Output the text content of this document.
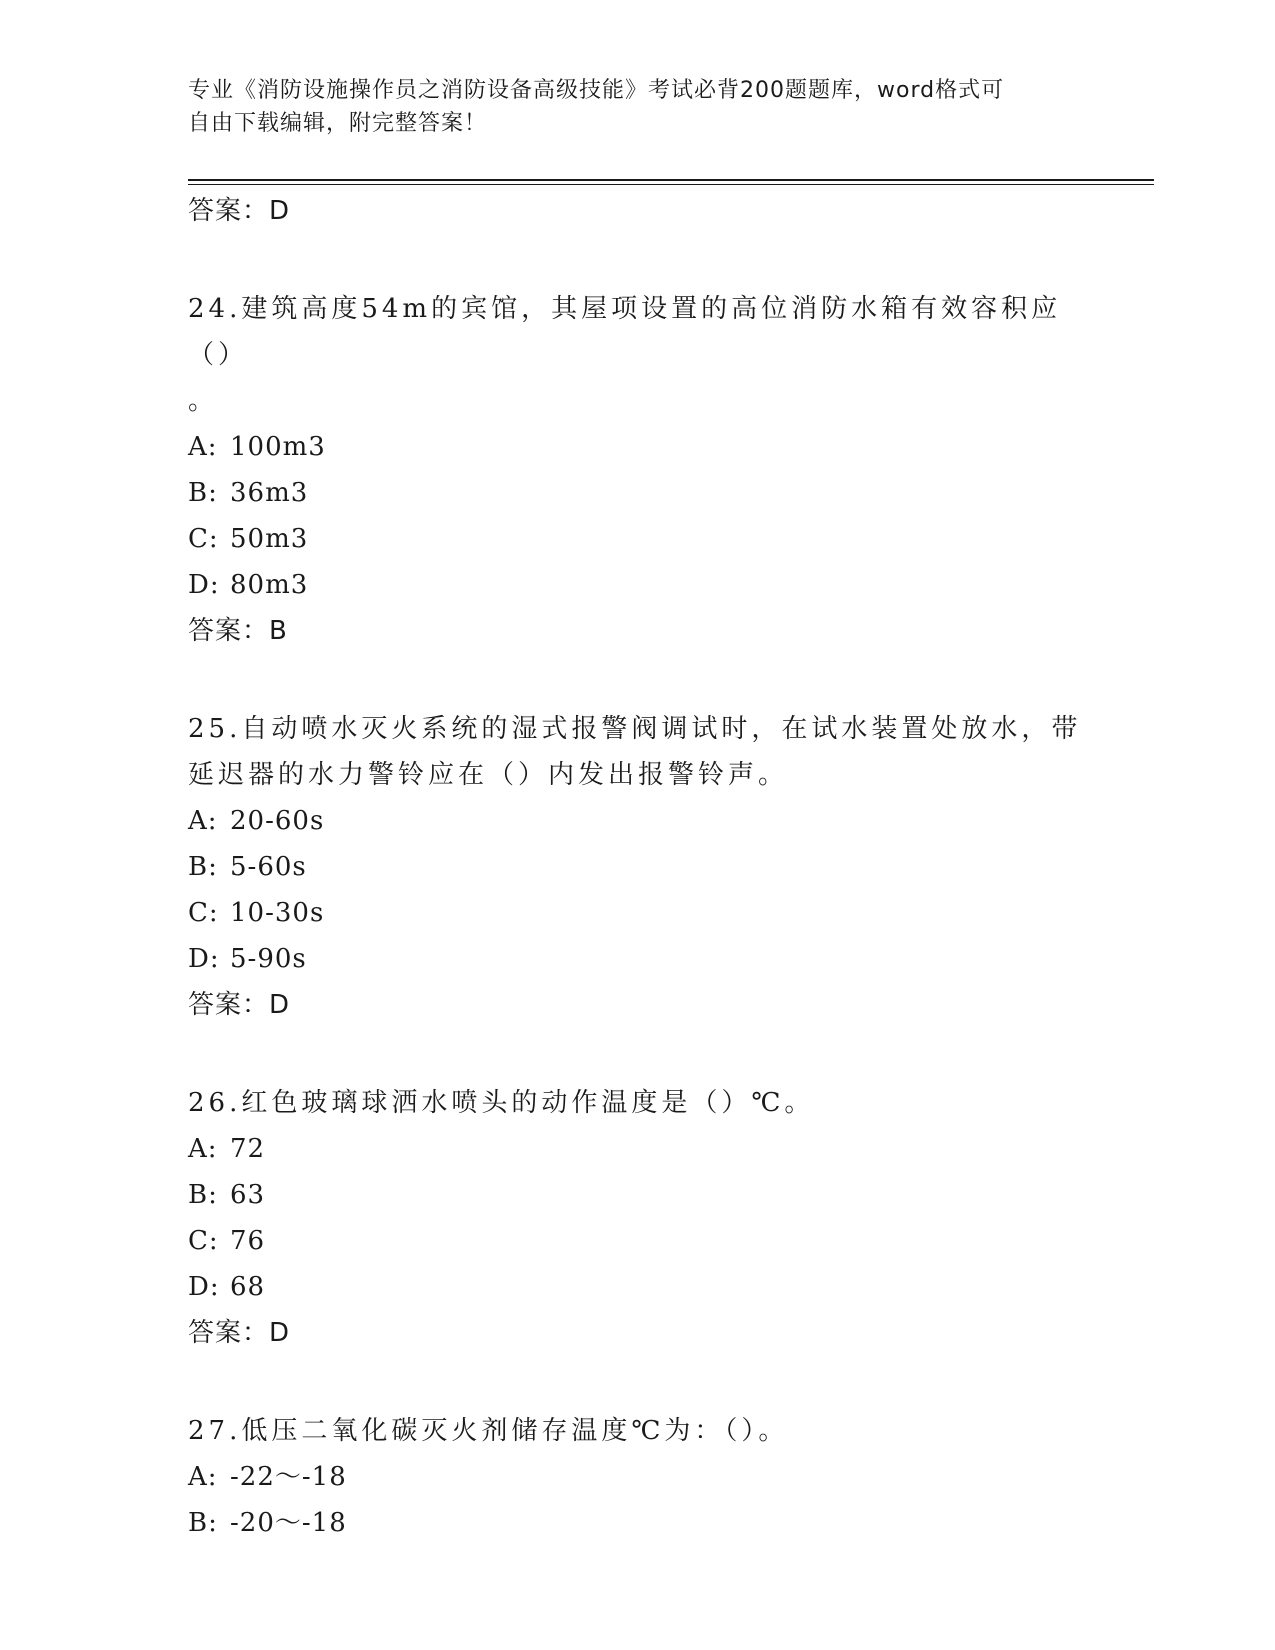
专业《消防设施操作员之消防设备高级技能》考试必背200题题库，word格式可
自由下载编辑，附完整答案！
答案：D
24.建筑高度54m的宾馆，其屋项设置的高位消防水箱有效容积应（）
。
A: 100m3
B: 36m3
C: 50m3
D: 80m3
答案：B
25.自动喷水灭火系统的湿式报警阀调试时，在试水装置处放水，带延迟器的水力警铃应在（）内发出报警铃声。
A: 20-60s
B: 5-60s
C: 10-30s
D: 5-90s
答案：D
26.红色玻璃球洒水喷头的动作温度是（）℃。
A: 72
B: 63
C: 76
D: 68
答案：D
27.低压二氧化碳灭火剂储存温度℃为：（）。
A: -22～-18
B: -20～-18
